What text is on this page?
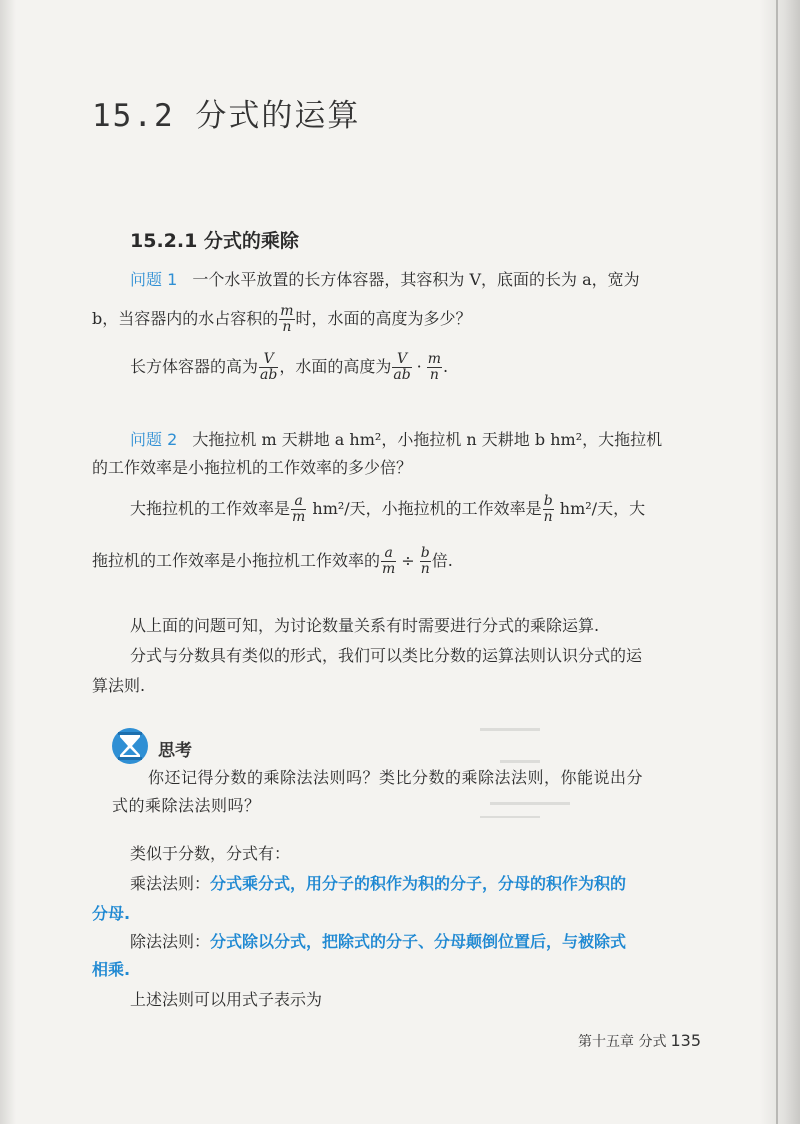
15.2 分式的运算
15.2.1 分式的乘除
问题 1 一个水平放置的长方体容器，其容积为 V，底面的长为 a，宽为
b，当容器内的水占容积的 $\frac{m}{n}$ 时，水面的高度为多少？
长方体容器的高为 $\frac{V}{ab}$ ，水面的高度为 $\frac{V}{ab} \cdot \frac{m}{n}$ .
问题 2 大拖拉机 m 天耕地 a hm²，小拖拉机 n 天耕地 b hm²，大拖拉机
的工作效率是小拖拉机的工作效率的多少倍？
大拖拉机的工作效率是 $\frac{a}{m} hm^2/$天，小拖拉机的工作效率是 $\frac{b}{n} hm^2/$天，大
拖拉机的工作效率是小拖拉机工作效率的 $\frac{a}{m} \div \frac{b}{n}$ 倍.
从上面的问题可知，为讨论数量关系有时需要进行分式的乘除运算.
分式与分数具有类似的形式，我们可以类比分数的运算法则认识分式的运
算法则.
思考
你还记得分数的乘除法法则吗？类比分数的乘除法法则，你能说出分
式的乘除法法则吗？
类似于分数，分式有：
乘法法则：分式乘分式，用分子的积作为积的分子，分母的积作为积的
分母.
除法法则：分式除以分式，把除式的分子、分母颠倒位置后，与被除式
相乘.
上述法则可以用式子表示为
第十五章 分式 135
